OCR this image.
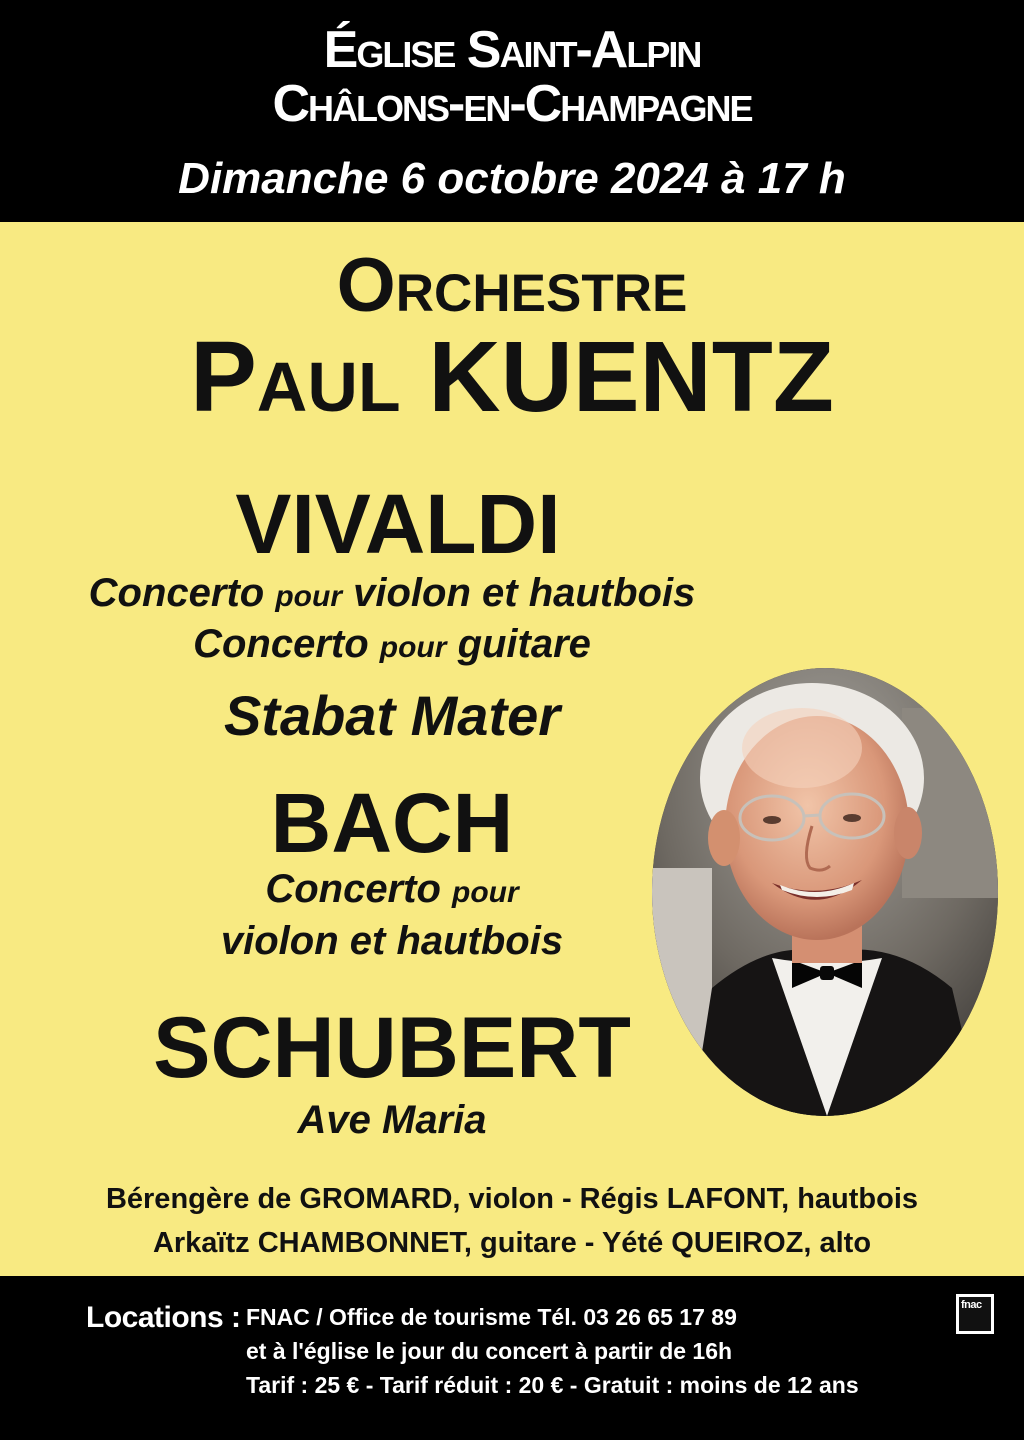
Église Saint-Alpin
Châlons-en-Champagne
Dimanche 6 octobre 2024 à 17 h
Orchestre
Paul KUENTZ
VIVALDI
Concerto pour violon et hautbois
Concerto pour guitare
Stabat Mater
BACH
Concerto pour
violon et hautbois
SCHUBERT
Ave Maria
Bérengère de GROMARD, violon - Régis LAFONT, hautbois
Arkaïtz CHAMBONNET, guitare - Yété QUEIROZ, alto
Locations : FNAC / Office de tourisme Tél. 03 26 65 17 89
et à l'église le jour du concert à partir de 16h
Tarif : 25 € - Tarif réduit : 20 € - Gratuit : moins de 12 ans
fnac
